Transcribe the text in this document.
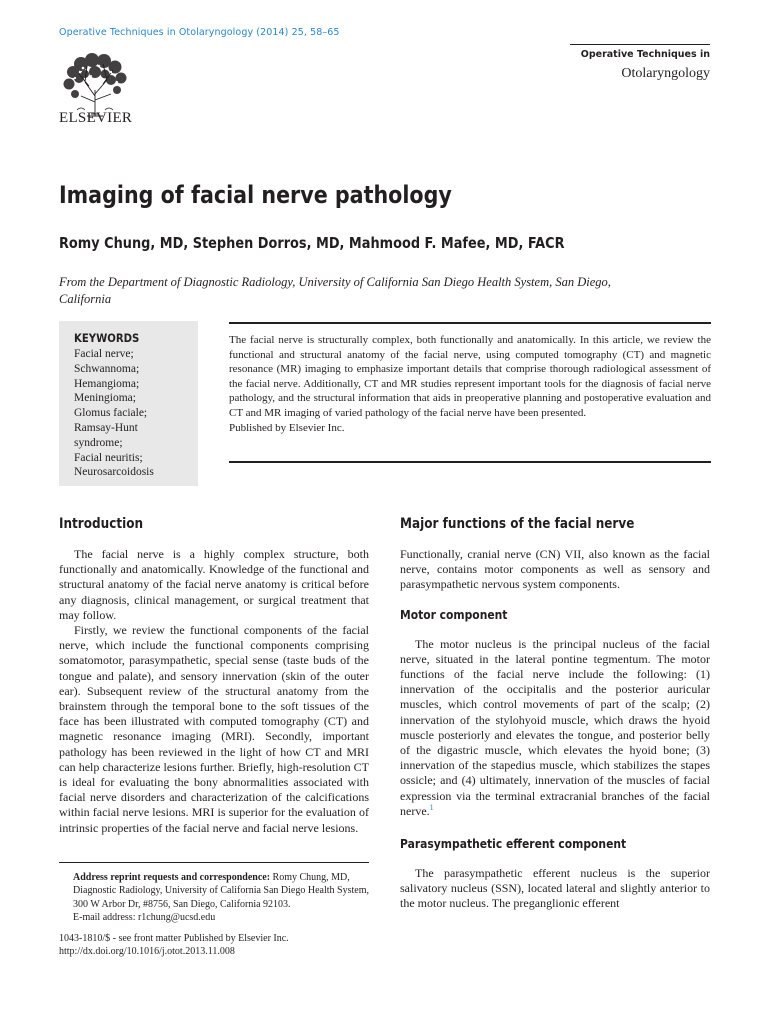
Operative Techniques in Otolaryngology (2014) 25, 58–65
ELSEVIER
Operative Techniques in
Otolaryngology
Imaging of facial nerve pathology
Romy Chung, MD, Stephen Dorros, MD, Mahmood F. Mafee, MD, FACR
From the Department of Diagnostic Radiology, University of California San Diego Health System, San Diego, California
KEYWORDS
Facial nerve;
Schwannoma;
Hemangioma;
Meningioma;
Glomus faciale;
Ramsay-Hunt
syndrome;
Facial neuritis;
Neurosarcoidosis
The facial nerve is structurally complex, both functionally and anatomically. In this article, we review the functional and structural anatomy of the facial nerve, using computed tomography (CT) and magnetic resonance (MR) imaging to emphasize important details that comprise thorough radiological assessment of the facial nerve. Additionally, CT and MR studies represent important tools for the diagnosis of facial nerve pathology, and the structural information that aids in preoperative planning and postoperative evaluation and CT and MR imaging of varied pathology of the facial nerve have been presented.
Published by Elsevier Inc.
Introduction

The facial nerve is a highly complex structure, both functionally and anatomically. Knowledge of the functional and structural anatomy of the facial nerve anatomy is critical before any diagnosis, clinical management, or surgical treatment that may follow.

Firstly, we review the functional components of the facial nerve, which include the functional components comprising somatomotor, parasympathetic, special sense (taste buds of the tongue and palate), and sensory innervation (skin of the outer ear). Subsequent review of the structural anatomy from the brainstem through the temporal bone to the soft tissues of the face has been illustrated with computed tomography (CT) and magnetic resonance imaging (MRI). Secondly, important pathology has been reviewed in the light of how CT and MRI can help characterize lesions further. Briefly, high-resolution CT is ideal for evaluating the bony abnormalities associated with facial nerve disorders and characterization of the calcifications within facial nerve lesions. MRI is superior for the evaluation of intrinsic properties of the facial nerve and facial nerve lesions.

Major functions of the facial nerve

Functionally, cranial nerve (CN) VII, also known as the facial nerve, contains motor components as well as sensory and parasympathetic nervous system components.

Motor component

The motor nucleus is the principal nucleus of the facial nerve, situated in the lateral pontine tegmentum. The motor functions of the facial nerve include the following: (1) innervation of the occipitalis and the posterior auricular muscles, which control movements of part of the scalp; (2) innervation of the stylohyoid muscle, which draws the hyoid muscle posteriorly and elevates the tongue, and posterior belly of the digastric muscle, which elevates the hyoid bone; (3) innervation of the stapedius muscle, which stabilizes the stapes ossicle; and (4) ultimately, innervation of the muscles of facial expression via the terminal extracranial branches of the facial nerve.$^1$

Parasympathetic efferent component

The parasympathetic efferent nucleus is the superior salivatory nucleus (SSN), located lateral and slightly anterior to the motor nucleus. The preganglionic efferent

Address reprint requests and correspondence: Romy Chung, MD, Diagnostic Radiology, University of California San Diego Health System, 300 W Arbor Dr, #8756, San Diego, California 92103.
E-mail address: r1chung@ucsd.edu
1043-1810/$ - see front matter Published by Elsevier Inc.
http://dx.doi.org/10.1016/j.otot.2013.11.008
